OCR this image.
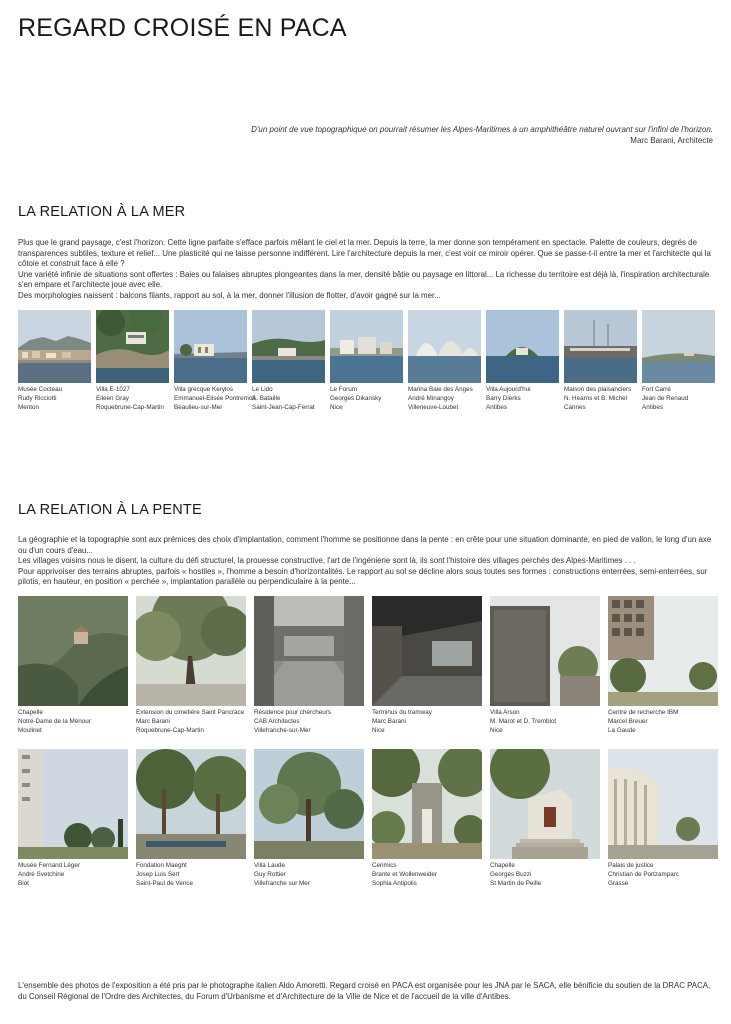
REGARD CROISÉ EN PACA
D'un point de vue topographique on pourrait résumer les Alpes-Maritimes à un amphithéâtre naturel ouvrant sur l'infini de l'horizon.
Marc Barani, Architecte
LA RELATION À LA MER
Plus que le grand paysage, c'est l'horizon. Cette ligne parfaite s'efface parfois mêlant le ciel et la mer. Depuis la terre, la mer donne son tempérament en spectacle. Palette de couleurs, degrés de transparences subtiles, texture et relief... Une plasticité qui ne laisse personne indifférent. Lire l'architecture depuis la mer, c'est voir ce miroir opérer. Que se passe-t-il entre la mer et l'architecte qui la côtoie et construit face à elle ?
Une variété infinie de situations sont offertes : Baies ou falaises abruptes plongeantes dans la mer, densité bâtie ou paysage en littoral... La richesse du territoire est déjà là, l'inspiration architecturale s'en empare et l'architecte joue avec elle.
Des morphologies naissent : balcons filants, rapport au sol, à la mer, donner l'illusion de flotter, d'avoir gagné sur la mer...
Musée Cocteau
Rudy Ricciotti
Menton
Villa E-1027
Eileen Gray
Roquebrune-Cap-Martin
Villa grecque Kerylos
Emmanuel-Elisée Pontremoli
Beaulieu-sur-Mer
Le Lido
A. Bataille
Saint-Jean-Cap-Ferrat
Le Forum
Georges Dikansky
Nice
Marina Baie des Anges
André Minangoy
Villeneuve-Loubet
Villa Aujourd'hui
Barry Dierks
Antibes
Maison des plaisanciers
N. Hearns et B. Michel
Cannes
Fort Carré
Jean de Renaud
Antibes
LA RELATION À LA PENTE
La géographie et la topographie sont aux prémices des choix d'implantation, comment l'homme se positionne dans la pente : en crête pour une situation dominante, en pied de vallon, le long d'un axe ou d'un cours d'eau...
Les villages voisins nous le disent, la culture du défi structurel, la prouesse constructive, l'art de l'ingénierie sont là, ils sont l'histoire des villages perchés des Alpes-Maritimes . . .
Pour apprivoiser des terrains abruptes, parfois « hostiles », l'homme a besoin d'horizontalités. Le rapport au sol se décline alors sous toutes ses formes : constructions enterrées, semi-enterrées, sur pilotis, en hauteur, en position « perchée », implantation parallèle ou perpendiculaire à la pente...
Chapelle
Notre-Dame de la Ménour
Moulinet
Extension du cimetière Saint Pancrace
Marc Barani
Roquebrune-Cap-Martin
Résidence pour chercheurs
CAB Architectes
Villefranche-sur-Mer
Terminus du tramway
Marc Barani
Nice
Villa Arson
M. Marot et D. Tremblot
Nice
Centre de recherche IBM
Marcel Breuer
La Gaude
Musée Fernand Léger
André Svetchine
Biot
Fondation Maeght
Josep Luis Sert
Saint-Paul de Vence
Villa Laude
Guy Rottier
Villefranche sur Mer
Cerimics
Brante et Wollenweider
Sophia Antipolis
Chapelle
Georges Buzzi
St Martin de Peille
Palais de justice
Christian de Portzamparc
Grasse

L'ensemble des photos de l'exposition a été pris par le photographe italien Aldo Amoretti. Regard croisé en PACA est organisée pour les JNA par le SACA, elle bénificie du soutien de la DRAC PACA, du Conseil Régional de l'Ordre des Architectes, du Forum d'Urbanisme et d'Architecture de la Ville de Nice et de l'accueil de la ville d'Antibes.
